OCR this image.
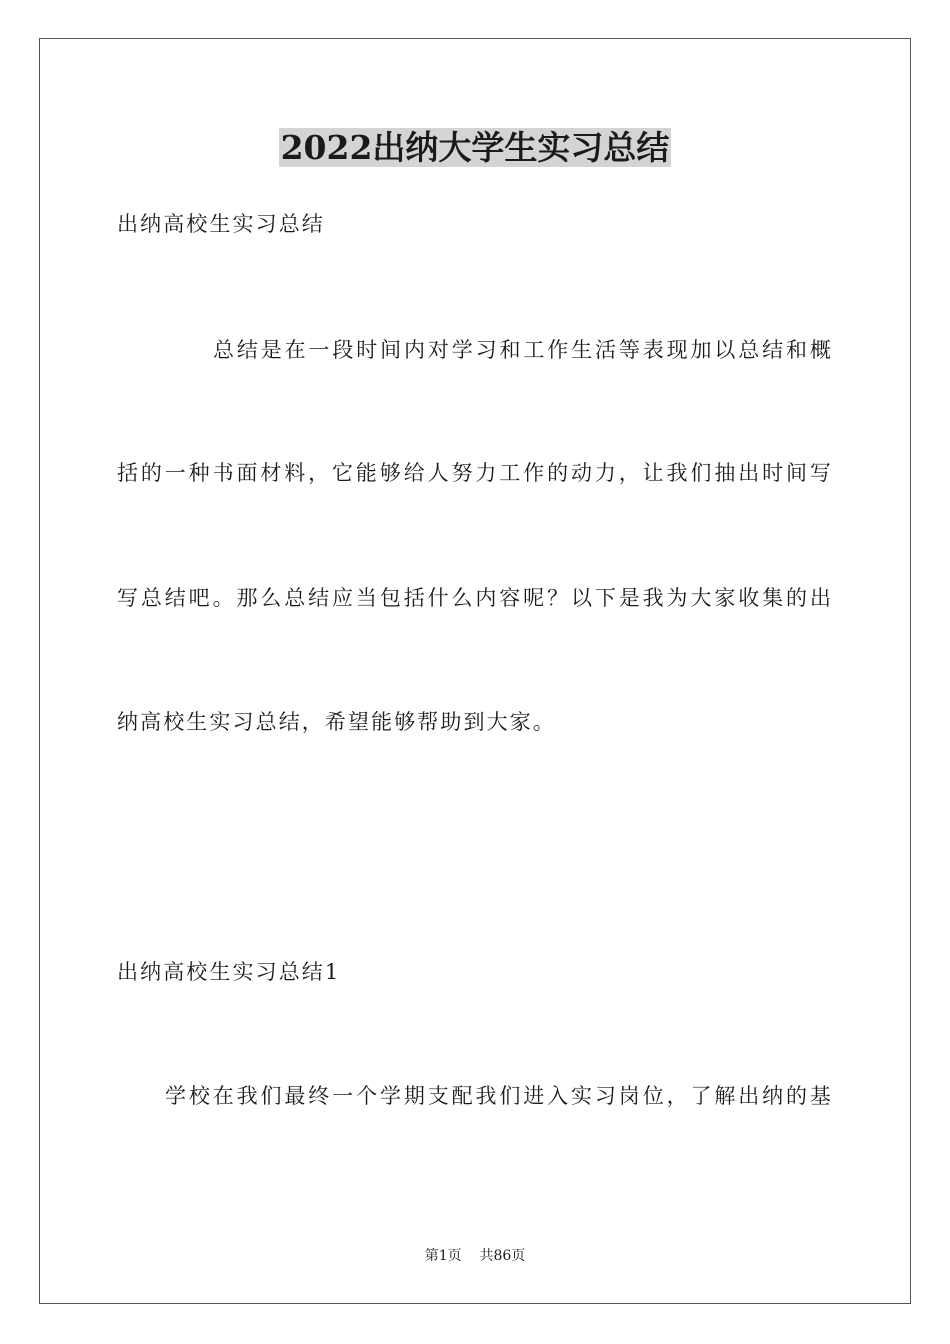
2022出纳大学生实习总结

出纳高校生实习总结

总结是在一段时间内对学习和工作生活等表现加以总结和概

括的一种书面材料，它能够给人努力工作的动力，让我们抽出时间写

写总结吧。那么总结应当包括什么内容呢？以下是我为大家收集的出

纳高校生实习总结，希望能够帮助到大家。

出纳高校生实习总结1

学校在我们最终一个学期支配我们进入实习岗位，了解出纳的基

第1页 共86页
